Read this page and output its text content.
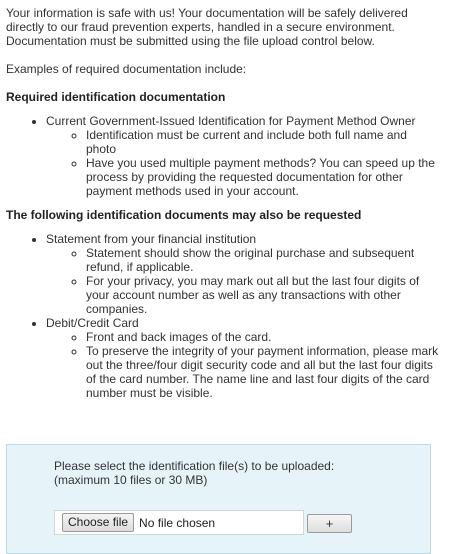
Your information is safe with us! Your documentation will be safely delivered directly to our fraud prevention experts, handled in a secure environment. Documentation must be submitted using the file upload control below.

Examples of required documentation include:

Required identification documentation
• Current Government-Issued Identification for Payment Method Owner
◦ Identification must be current and include both full name and photo
◦ Have you used multiple payment methods? You can speed up the process by providing the requested documentation for other payment methods used in your account.
The following identification documents may also be requested
• Statement from your financial institution
◦ Statement should show the original purchase and subsequent refund, if applicable.
◦ For your privacy, you may mark out all but the last four digits of your account number as well as any transactions with other companies.
• Debit/Credit Card
◦ Front and back images of the card.
◦ To preserve the integrity of your payment information, please mark out the three/four digit security code and all but the last four digits of the card number. The name line and last four digits of the card number must be visible.
Please select the identification file(s) to be uploaded:
(maximum 10 files or 30 MB)
Choose file No file chosen	+
